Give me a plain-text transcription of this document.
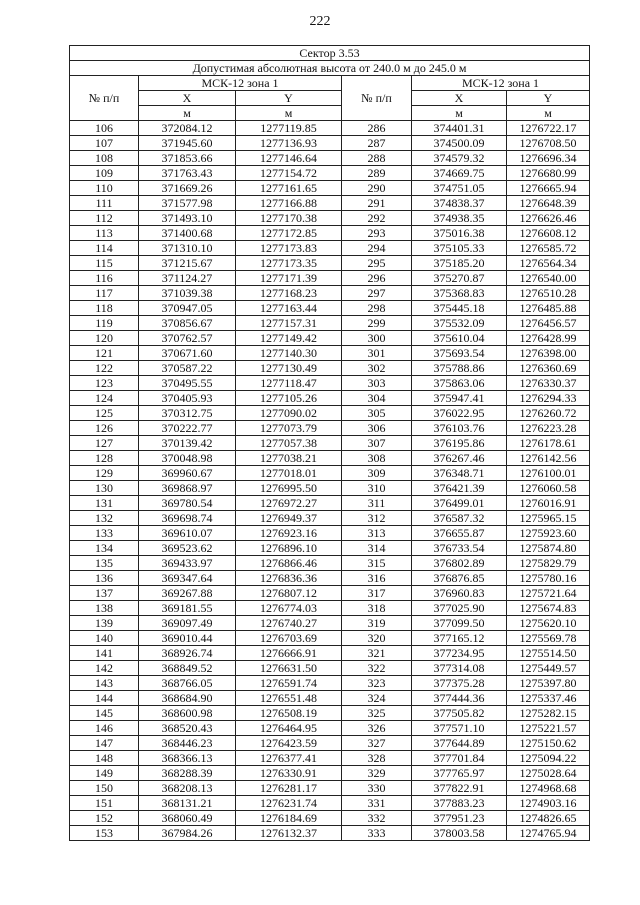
222
Сектор 3.53					
Допустимая абсолютная высота от 240.0 м до 245.0 м					
№ п/п	МСК-12 зона 1		№ п/п	МСК-12 зона 1	
	X	Y		X	Y
	м	м		м	м
106	372084.12	1277119.85	286	374401.31	1276722.17
107	371945.60	1277136.93	287	374500.09	1276708.50
108	371853.66	1277146.64	288	374579.32	1276696.34
109	371763.43	1277154.72	289	374669.75	1276680.99
110	371669.26	1277161.65	290	374751.05	1276665.94
111	371577.98	1277166.88	291	374838.37	1276648.39
112	371493.10	1277170.38	292	374938.35	1276626.46
113	371400.68	1277172.85	293	375016.38	1276608.12
114	371310.10	1277173.83	294	375105.33	1276585.72
115	371215.67	1277173.35	295	375185.20	1276564.34
116	371124.27	1277171.39	296	375270.87	1276540.00
117	371039.38	1277168.23	297	375368.83	1276510.28
118	370947.05	1277163.44	298	375445.18	1276485.88
119	370856.67	1277157.31	299	375532.09	1276456.57
120	370762.57	1277149.42	300	375610.04	1276428.99
121	370671.60	1277140.30	301	375693.54	1276398.00
122	370587.22	1277130.49	302	375788.86	1276360.69
123	370495.55	1277118.47	303	375863.06	1276330.37
124	370405.93	1277105.26	304	375947.41	1276294.33
125	370312.75	1277090.02	305	376022.95	1276260.72
126	370222.77	1277073.79	306	376103.76	1276223.28
127	370139.42	1277057.38	307	376195.86	1276178.61
128	370048.98	1277038.21	308	376267.46	1276142.56
129	369960.67	1277018.01	309	376348.71	1276100.01
130	369868.97	1276995.50	310	376421.39	1276060.58
131	369780.54	1276972.27	311	376499.01	1276016.91
132	369698.74	1276949.37	312	376587.32	1275965.15
133	369610.07	1276923.16	313	376655.87	1275923.60
134	369523.62	1276896.10	314	376733.54	1275874.80
135	369433.97	1276866.46	315	376802.89	1275829.79
136	369347.64	1276836.36	316	376876.85	1275780.16
137	369267.88	1276807.12	317	376960.83	1275721.64
138	369181.55	1276774.03	318	377025.90	1275674.83
139	369097.49	1276740.27	319	377099.50	1275620.10
140	369010.44	1276703.69	320	377165.12	1275569.78
141	368926.74	1276666.91	321	377234.95	1275514.50
142	368849.52	1276631.50	322	377314.08	1275449.57
143	368766.05	1276591.74	323	377375.28	1275397.80
144	368684.90	1276551.48	324	377444.36	1275337.46
145	368600.98	1276508.19	325	377505.82	1275282.15
146	368520.43	1276464.95	326	377571.10	1275221.57
147	368446.23	1276423.59	327	377644.89	1275150.62
148	368366.13	1276377.41	328	377701.84	1275094.22
149	368288.39	1276330.91	329	377765.97	1275028.64
150	368208.13	1276281.17	330	377822.91	1274968.68
151	368131.21	1276231.74	331	377883.23	1274903.16
152	368060.49	1276184.69	332	377951.23	1274826.65
153	367984.26	1276132.37	333	378003.58	1274765.94
